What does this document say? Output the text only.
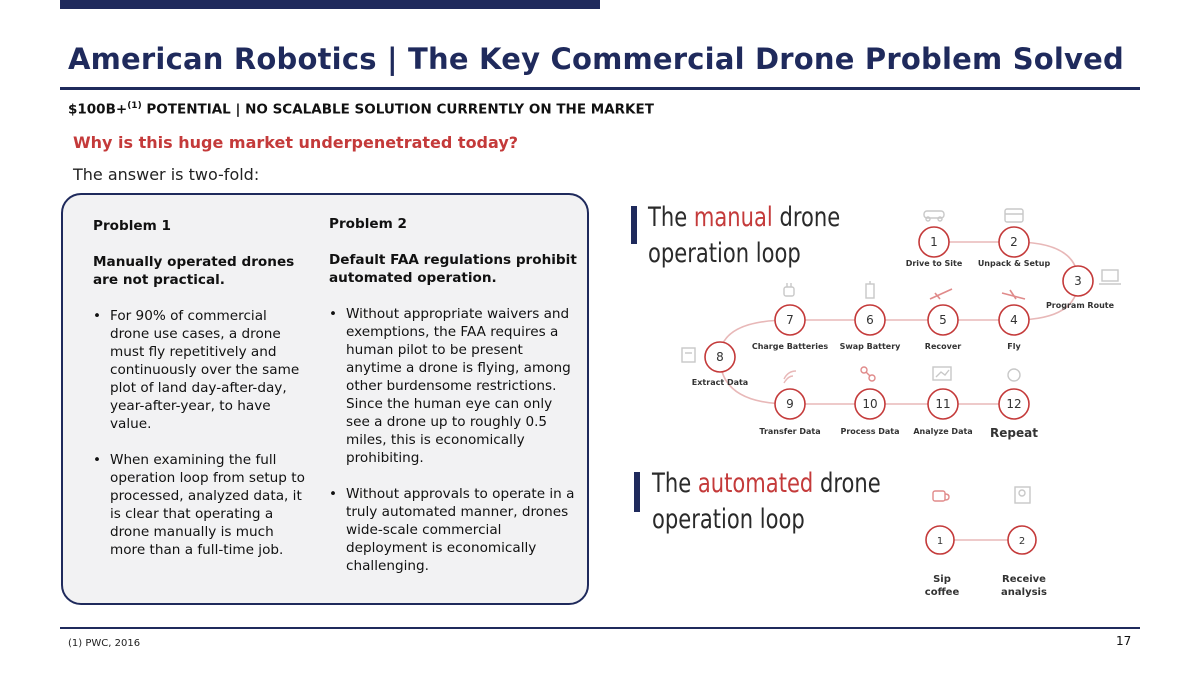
American Robotics | The Key Commercial Drone Problem Solved
$100B+$^{(1)}$ POTENTIAL | NO SCALABLE SOLUTION CURRENTLY ON THE MARKET
Why is this huge market underpenetrated today?
The answer is two-fold:
Problem 1

Manually operated drones are not practical.

• For 90% of commercial drone use cases, a drone must fly repetitively and continuously over the same plot of land day-after-day, year-after-year, to have value.
• When examining the full operation loop from setup to processed, analyzed data, it is clear that operating a drone manually is much more than a full-time job.
Problem 2

Default FAA regulations prohibit automated operation.

• Without appropriate waivers and exemptions, the FAA requires a human pilot to be present anytime a drone is flying, among other burdensome restrictions. Since the human eye can only see a drone up to roughly 0.5 miles, this is economically prohibiting.
• Without approvals to operate in a truly automated manner, drones wide-scale commercial deployment is economically challenging.
The manual drone
operation loop	1
Drive to Site
2
Unpack & Setup
3
Program Route
4
Fly
5
Recover
6
Swap Battery
7
Charge Batteries
8
Extract Data
9
Transfer Data
10
Process Data
11
Analyze Data
12
Repeat
The automated drone
operation loop
1
Sip
coffee
2
Receive
analysis
(1) PWC, 2016	17
